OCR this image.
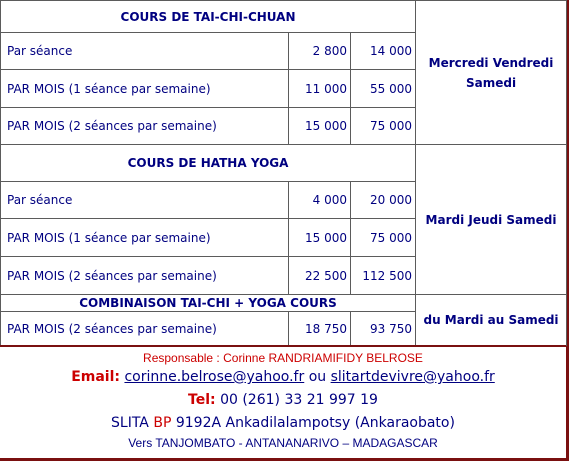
COURS DE TAI-CHI-CHUAN			Mercredi Vendredi Samedi
Par séance	2 800	14 000	
PAR MOIS (1 séance par semaine)	11 000	55 000	
PAR MOIS (2 séances par semaine)	15 000	75 000	
COURS DE HATHA YOGA			Mardi Jeudi Samedi
Par séance	4 000	20 000	
PAR MOIS (1 séance par semaine)	15 000	75 000	
PAR MOIS (2 séances par semaine)	22 500	112 500	
COMBINAISON TAI-CHI + YOGA COURS			du Mardi au Samedi
PAR MOIS (2 séances par semaine)	18 750	93 750	
Responsable : Corinne RANDRIAMIFIDY BELROSE
Email: corinne.belrose@yahoo.fr ou slitartdevivre@yahoo.fr
Tel: 00 (261) 33 21 997 19
SLITA BP 9192A Ankadilalampotsy (Ankaraobato)
Vers TANJOMBATO - ANTANANARIVO – MADAGASCAR
